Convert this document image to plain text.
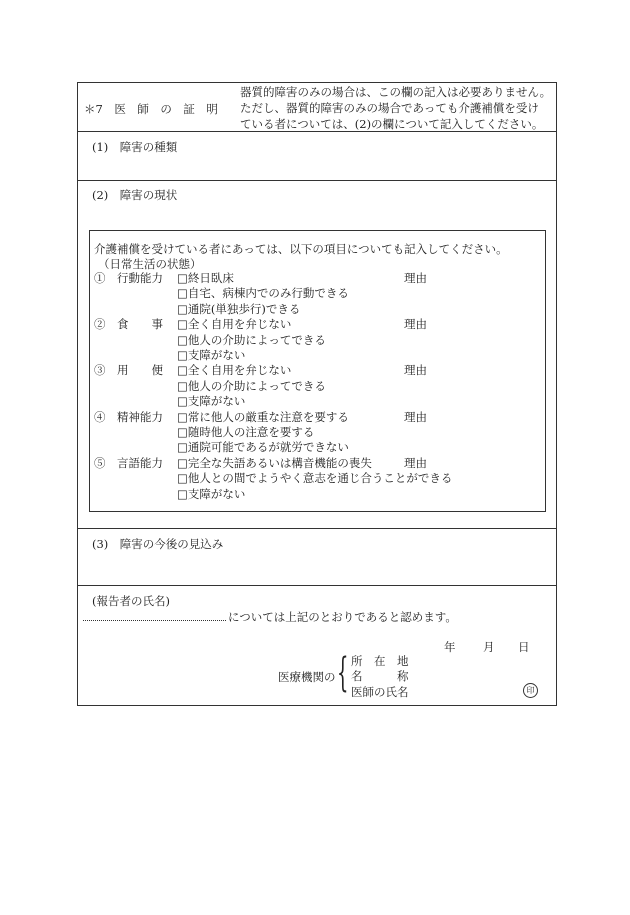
＊7　医　師　の　証　明
器質的障害のみの場合は、この欄の記入は必要ありません。
ただし、器質的障害のみの場合であっても介護補償を受け
ている者については、(2)の欄について記入してください。
(1)　障害の種類
(2)　障害の現状
介護補償を受けている者にあっては、以下の項目についても記入してください。
（日常生活の状態）
①　行動能力
②　食　　事
③　用　　便
④　精神能力
⑤　言語能力
□終日臥床
□自宅、病棟内でのみ行動できる
□通院(単独歩行)できる
□全く自用を弁じない
□他人の介助によってできる
□支障がない
□全く自用を弁じない
□他人の介助によってできる
□支障がない
□常に他人の厳重な注意を要する
□随時他人の注意を要する
□通院可能であるが就労できない
□完全な失語あるいは構音機能の喪失
□他人との間でようやく意志を通じ合うことができる
□支障がない
理由
理由
理由
理由
理由
(3)　障害の今後の見込み
(報告者の氏名)
については上記のとおりであると認めます。
年 月 日
医療機関の { 所　在　地
名　　　称
医師の氏名	印
